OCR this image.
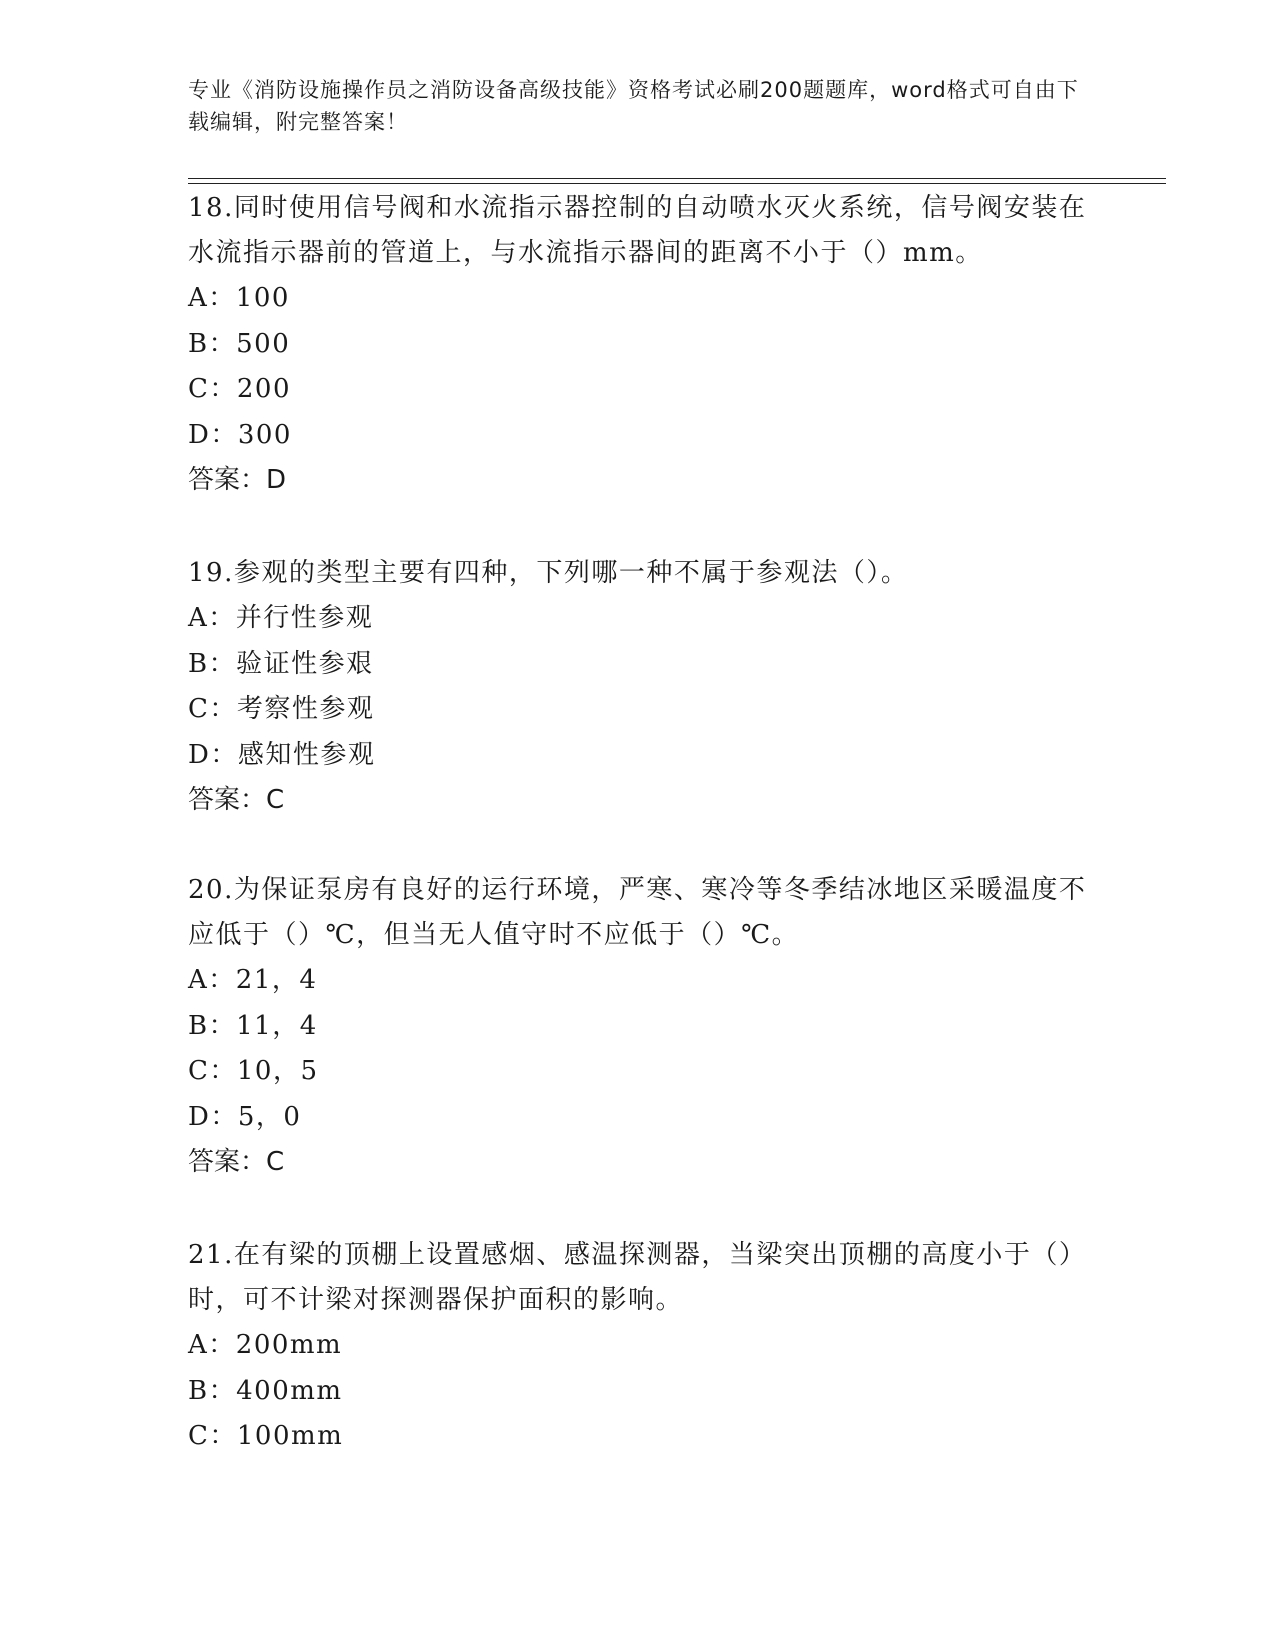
专业《消防设施操作员之消防设备高级技能》资格考试必刷200题题库，word格式可自由下载编辑，附完整答案！
18.同时使用信号阀和水流指示器控制的自动喷水灭火系统，信号阀安装在水流指示器前的管道上，与水流指示器间的距离不小于（）mm。
A：100
B：500
C：200
D：300
答案：D
19.参观的类型主要有四种，下列哪一种不属于参观法（）。
A：并行性参观
B：验证性参艰
C：考察性参观
D：感知性参观
答案：C
20.为保证泵房有良好的运行环境，严寒、寒冷等冬季结冰地区采暖温度不应低于（）℃，但当无人值守时不应低于（）℃。
A：21，4
B：11，4
C：10，5
D：5，0
答案：C
21.在有梁的顶棚上设置感烟、感温探测器，当梁突出顶棚的高度小于（）时，可不计梁对探测器保护面积的影响。
A：200mm
B：400mm
C：100mm
